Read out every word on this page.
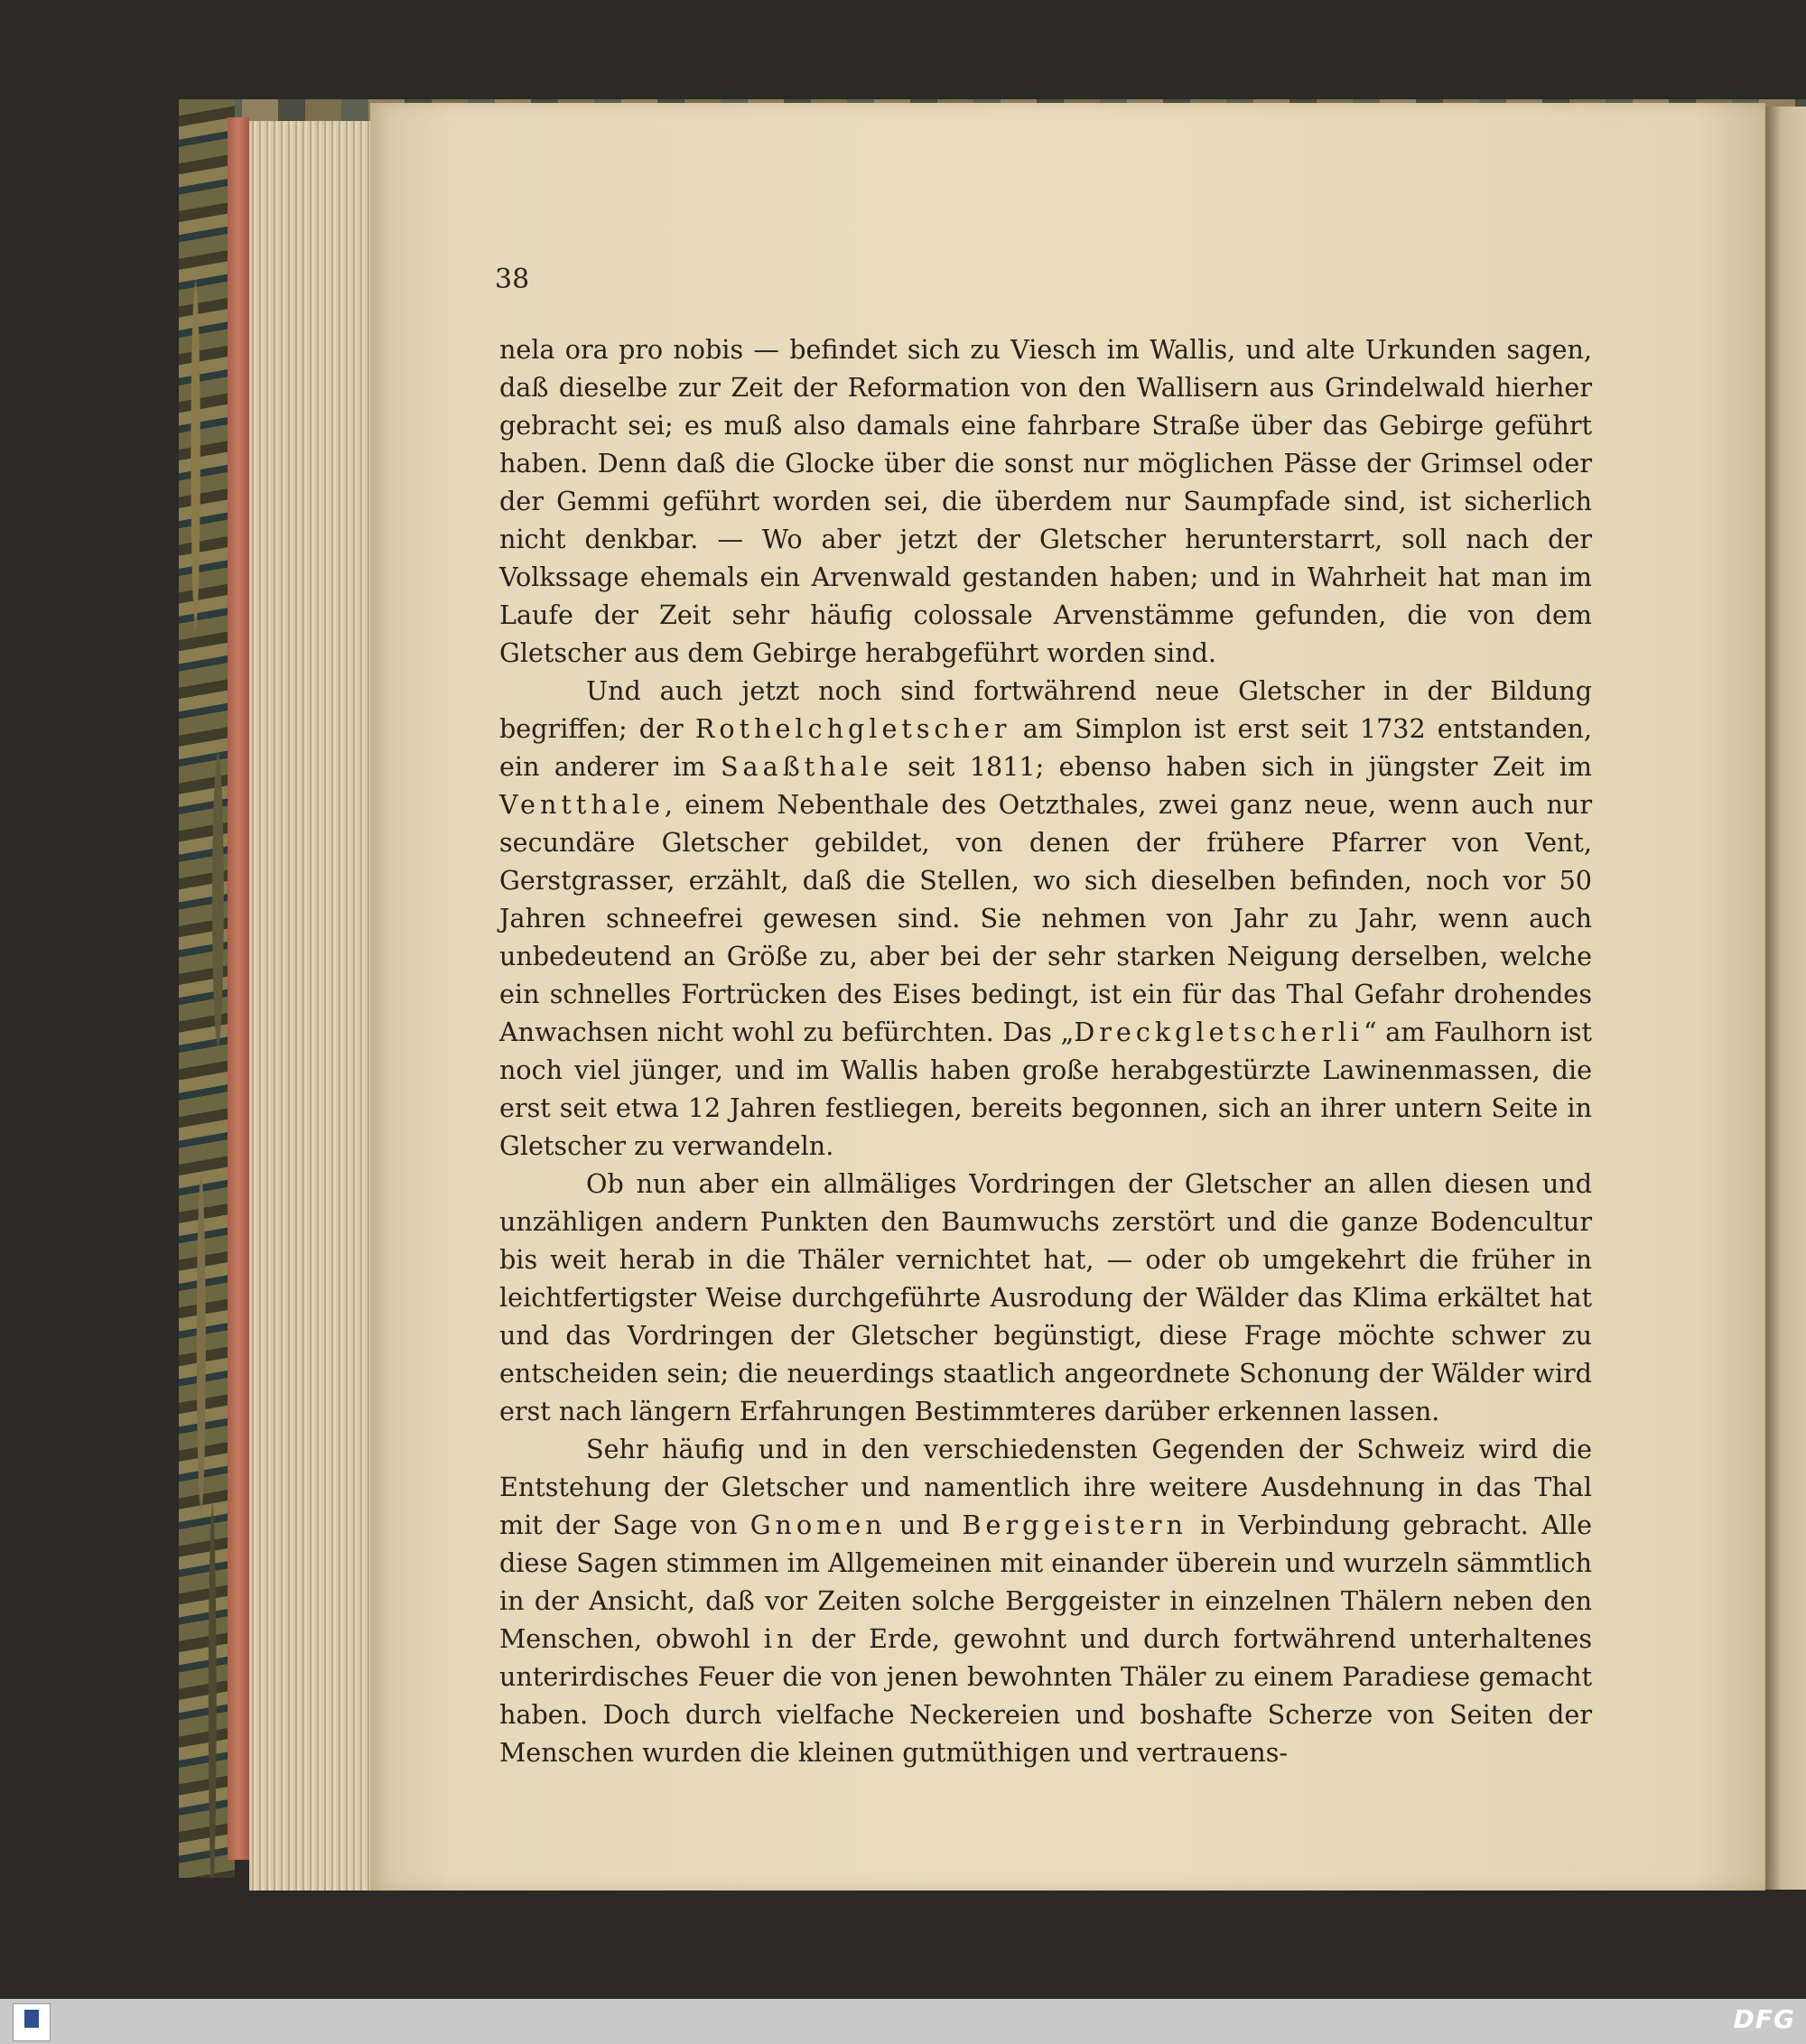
38

nela ora pro nobis — befindet sich zu Viesch im Wallis, und alte Urkunden sagen, daß dieselbe zur Zeit der Reformation von den Wallisern aus Grindelwald hierher gebracht sei; es muß also damals eine fahrbare Straße über das Gebirge geführt haben. Denn daß die Glocke über die sonst nur möglichen Pässe der Grimsel oder der Gemmi geführt worden sei, die überdem nur Saumpfade sind, ist sicherlich nicht denkbar. — Wo aber jetzt der Gletscher herunterstarrt, soll nach der Volkssage ehemals ein Arvenwald gestanden haben; und in Wahrheit hat man im Laufe der Zeit sehr häufig colossale Arvenstämme gefunden, die von dem Gletscher aus dem Gebirge herabgeführt worden sind.

Und auch jetzt noch sind fortwährend neue Gletscher in der Bildung begriffen; der Rothelchgletscher am Simplon ist erst seit 1732 entstanden, ein anderer im Saaßthale seit 1811; ebenso haben sich in jüngster Zeit im Ventthale, einem Nebenthale des Oetzthales, zwei ganz neue, wenn auch nur secundäre Gletscher gebildet, von denen der frühere Pfarrer von Vent, Gerstgrasser, erzählt, daß die Stellen, wo sich dieselben befinden, noch vor 50 Jahren schneefrei gewesen sind. Sie nehmen von Jahr zu Jahr, wenn auch unbedeutend an Größe zu, aber bei der sehr starken Neigung derselben, welche ein schnelles Fortrücken des Eises bedingt, ist ein für das Thal Gefahr drohendes Anwachsen nicht wohl zu befürchten. Das „Dreckgletscherli“ am Faulhorn ist noch viel jünger, und im Wallis haben große herabgestürzte Lawinenmassen, die erst seit etwa 12 Jahren festliegen, bereits begonnen, sich an ihrer untern Seite in Gletscher zu verwandeln.

Ob nun aber ein allmäliges Vordringen der Gletscher an allen diesen und unzähligen andern Punkten den Baumwuchs zerstört und die ganze Bodencultur bis weit herab in die Thäler vernichtet hat, — oder ob umgekehrt die früher in leichtfertigster Weise durchgeführte Ausrodung der Wälder das Klima erkältet hat und das Vordringen der Gletscher begünstigt, diese Frage möchte schwer zu entscheiden sein; die neuerdings staatlich angeordnete Schonung der Wälder wird erst nach längern Erfahrungen Bestimmteres darüber erkennen lassen.

Sehr häufig und in den verschiedensten Gegenden der Schweiz wird die Entstehung der Gletscher und namentlich ihre weitere Ausdehnung in das Thal mit der Sage von Gnomen und Berggeistern in Verbindung gebracht. Alle diese Sagen stimmen im Allgemeinen mit einander überein und wurzeln sämmtlich in der Ansicht, daß vor Zeiten solche Berggeister in einzelnen Thälern neben den Menschen, obwohl in der Erde, gewohnt und durch fortwährend unterhaltenes unterirdisches Feuer die von jenen bewohnten Thäler zu einem Paradiese gemacht haben. Doch durch vielfache Neckereien und boshafte Scherze von Seiten der Menschen wurden die kleinen gutmüthigen und vertrauens-

DFG
